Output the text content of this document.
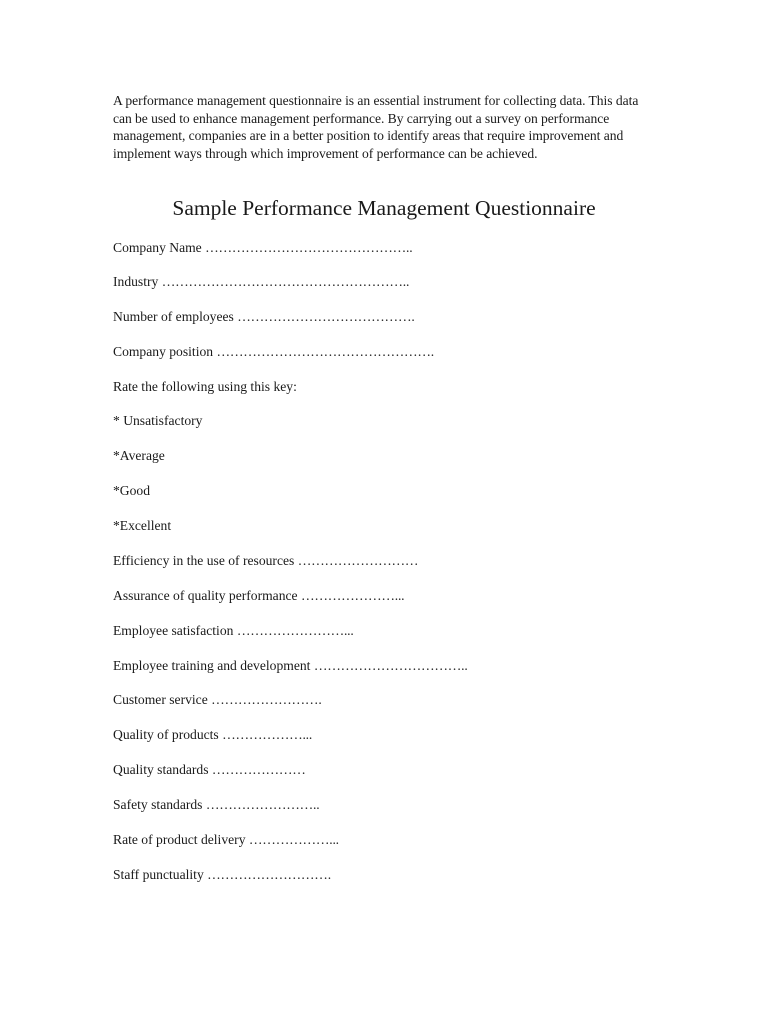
A performance management questionnaire is an essential instrument for collecting data. This data can be used to enhance management performance. By carrying out a survey on performance management, companies are in a better position to identify areas that require improvement and implement ways through which improvement of performance can be achieved.

Sample Performance Management Questionnaire

Company Name ………………………………………..

Industry ………………………………………………..

Number of employees ………………………………….

Company position ………………………………………….

Rate the following using this key:

* Unsatisfactory

*Average

*Good

*Excellent

Efficiency in the use of resources ………………………

Assurance of quality performance …………………...

Employee satisfaction ……………………...

Employee training and development ……………………………..

Customer service …………………….

Quality of products ………………...

Quality standards …………………

Safety standards ……………………..

Rate of product delivery ………………...

Staff punctuality ……………………….
